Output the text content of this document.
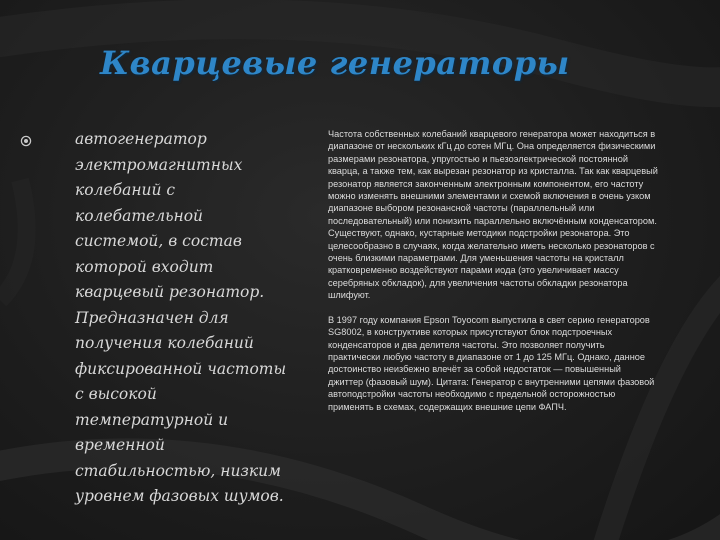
Кварцевые генераторы
автогенератор электромагнитных колебаний с колебательной системой, в состав которой входит кварцевый резонатор. Предназначен для получения колебаний фиксированной частоты с высокой температурной и временной стабильностью, низким уровнем фазовых шумов.

Частота собственных колебаний кварцевого генератора может находиться в диапазоне от нескольких кГц до сотен МГц. Она определяется физическими размерами резонатора, упругостью и пьезоэлектрической постоянной кварца, а также тем, как вырезан резонатор из кристалла. Так как кварцевый резонатор является законченным электронным компонентом, его частоту можно изменять внешними элементами и схемой включения в очень узком диапазоне выбором резонансной частоты (параллельный или последовательный) или понизить параллельно включённым конденсатором. Существуют, однако, кустарные методики подстройки резонатора. Это целесообразно в случаях, когда желательно иметь несколько резонаторов с очень близкими параметрами. Для уменьшения частоты на кристалл кратковременно воздействуют парами иода (это увеличивает массу серебряных обкладок), для увеличения частоты обкладки резонатора шлифуют.

В 1997 году компания Epson Toyocom выпустила в свет серию генераторов SG8002, в конструктиве которых присутствуют блок подстроечных конденсаторов и два делителя частоты. Это позволяет получить практически любую частоту в диапазоне от 1 до 125 МГц. Однако, данное достоинство неизбежно влечёт за собой недостаток — повышенный джиттер (фазовый шум). Цитата: Генератор с внутренними цепями фазовой автоподстройки частоты необходимо с предельной осторожностью применять в схемах, содержащих внешние цепи ФАПЧ.
